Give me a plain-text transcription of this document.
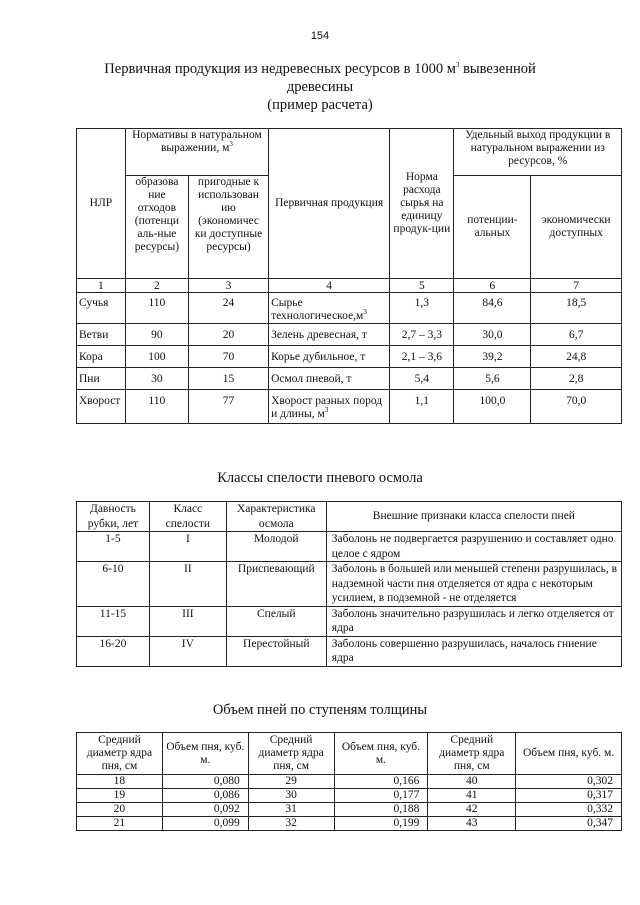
154
Первичная продукция из недревесных ресурсов в 1000 $м^3$ вывезенной
древесины
(пример расчета)
НЛР	Нормативы в натуральном выражении, $м^3$		Первичная продукция	Норма расхода сырья на единицу продук-ции	Удельный выход продукции в натуральном выражении из ресурсов, %	
	образова ние отходов (потенци аль-ные ресурсы)	пригодные к использован ию (экономичес ки доступные ресурсы)			потенции-альных	экономически доступных
1	2	3	4	5	6	7
Сучья	110	24	Сырье $технологическое,м^3$	1,3	84,6	18,5
Ветви	90	20	Зелень древесная, т	2,7 – 3,3	30,0	6,7
Кора	100	70	Корье дубильное, т	2,1 – 3,6	39,2	24,8
Пни	30	15	Осмол пневой, т	5,4	5,6	2,8
Хворост	110	77	Хворост разных пород и длины, $м^3$	1,1	100,0	70,0
Классы спелости пневого осмола
Давность рубки, лет	Класс спелости	Характеристика осмола	Внешние признаки класса спелости пней
1-5	I	Молодой	Заболонь не подвергается разрушению и составляет одно целое с ядром
6-10	II	Приспевающий	Заболонь в большей или меньшей степени разрушилась, в надземной части пня отделяется от ядра с некоторым усилием, в подземной - не отделяется
11-15	III	Спелый	Заболонь значительно разрушилась и легко отделяется от ядра
16-20	IV	Перестойный	Заболонь совершенно разрушилась, началось гниение ядра
Объем пней по ступеням толщины
Средний диаметр ядра пня, см	Объем пня, куб. м.	Средний диаметр ядра пня, см	Объем пня, куб. м.	Средний диаметр ядра пня, см	Объем пня, куб. м.
18	0,080	29	0,166	40	0,302
19	0,086	30	0,177	41	0,317
20	0,092	31	0,188	42	0,332
21	0,099	32	0,199	43	0,347
